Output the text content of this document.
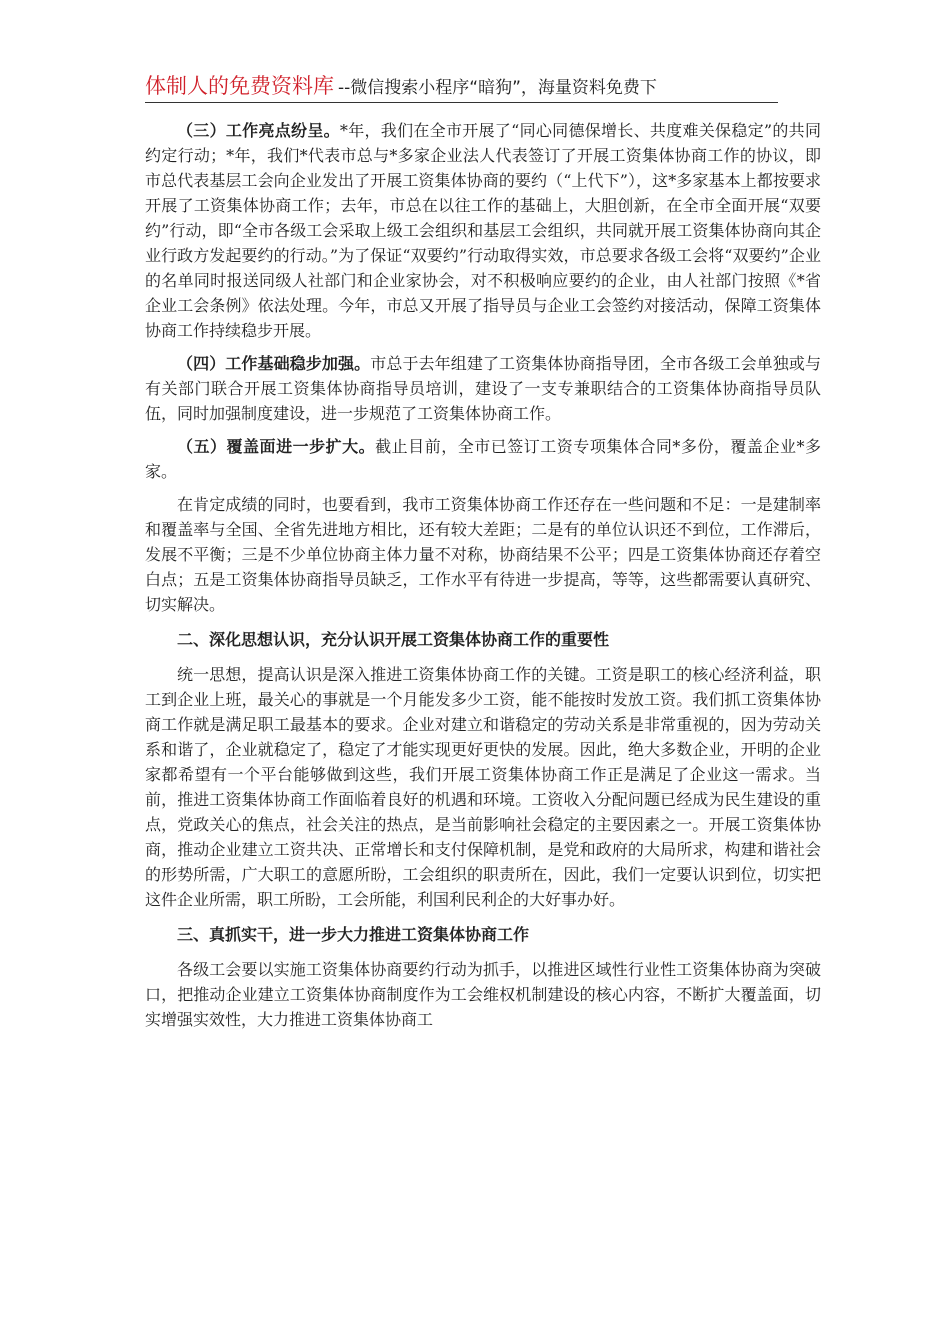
体制人的免费资料库 --微信搜索小程序“暗狗”，海量资料免费下

（三）工作亮点纷呈。*年，我们在全市开展了“同心同德保增长、共度难关保稳定”的共同约定行动；*年，我们*代表市总与*多家企业法人代表签订了开展工资集体协商工作的协议，即市总代表基层工会向企业发出了开展工资集体协商的要约（“上代下”），这*多家基本上都按要求开展了工资集体协商工作；去年，市总在以往工作的基础上，大胆创新，在全市全面开展“双要约”行动，即“全市各级工会采取上级工会组织和基层工会组织，共同就开展工资集体协商向其企业行政方发起要约的行动。”为了保证“双要约”行动取得实效，市总要求各级工会将“双要约”企业的名单同时报送同级人社部门和企业家协会，对不积极响应要约的企业，由人社部门按照《*省企业工会条例》依法处理。今年，市总又开展了指导员与企业工会签约对接活动，保障工资集体协商工作持续稳步开展。

（四）工作基础稳步加强。市总于去年组建了工资集体协商指导团，全市各级工会单独或与有关部门联合开展工资集体协商指导员培训，建设了一支专兼职结合的工资集体协商指导员队伍，同时加强制度建设，进一步规范了工资集体协商工作。

（五）覆盖面进一步扩大。截止目前，全市已签订工资专项集体合同*多份，覆盖企业*多家。

在肯定成绩的同时，也要看到，我市工资集体协商工作还存在一些问题和不足：一是建制率和覆盖率与全国、全省先进地方相比，还有较大差距；二是有的单位认识还不到位，工作滞后，发展不平衡；三是不少单位协商主体力量不对称，协商结果不公平；四是工资集体协商还存着空白点；五是工资集体协商指导员缺乏，工作水平有待进一步提高，等等，这些都需要认真研究、切实解决。

二、深化思想认识，充分认识开展工资集体协商工作的重要性

统一思想，提高认识是深入推进工资集体协商工作的关键。工资是职工的核心经济利益，职工到企业上班，最关心的事就是一个月能发多少工资，能不能按时发放工资。我们抓工资集体协商工作就是满足职工最基本的要求。企业对建立和谐稳定的劳动关系是非常重视的，因为劳动关系和谐了，企业就稳定了，稳定了才能实现更好更快的发展。因此，绝大多数企业，开明的企业家都希望有一个平台能够做到这些，我们开展工资集体协商工作正是满足了企业这一需求。当前，推进工资集体协商工作面临着良好的机遇和环境。工资收入分配问题已经成为民生建设的重点，党政关心的焦点，社会关注的热点，是当前影响社会稳定的主要因素之一。开展工资集体协商，推动企业建立工资共决、正常增长和支付保障机制，是党和政府的大局所求，构建和谐社会的形势所需，广大职工的意愿所盼，工会组织的职责所在，因此，我们一定要认识到位，切实把这件企业所需，职工所盼，工会所能，利国利民利企的大好事办好。

三、真抓实干，进一步大力推进工资集体协商工作

各级工会要以实施工资集体协商要约行动为抓手，以推进区域性行业性工资集体协商为突破口，把推动企业建立工资集体协商制度作为工会维权机制建设的核心内容，不断扩大覆盖面，切实增强实效性，大力推进工资集体协商工
